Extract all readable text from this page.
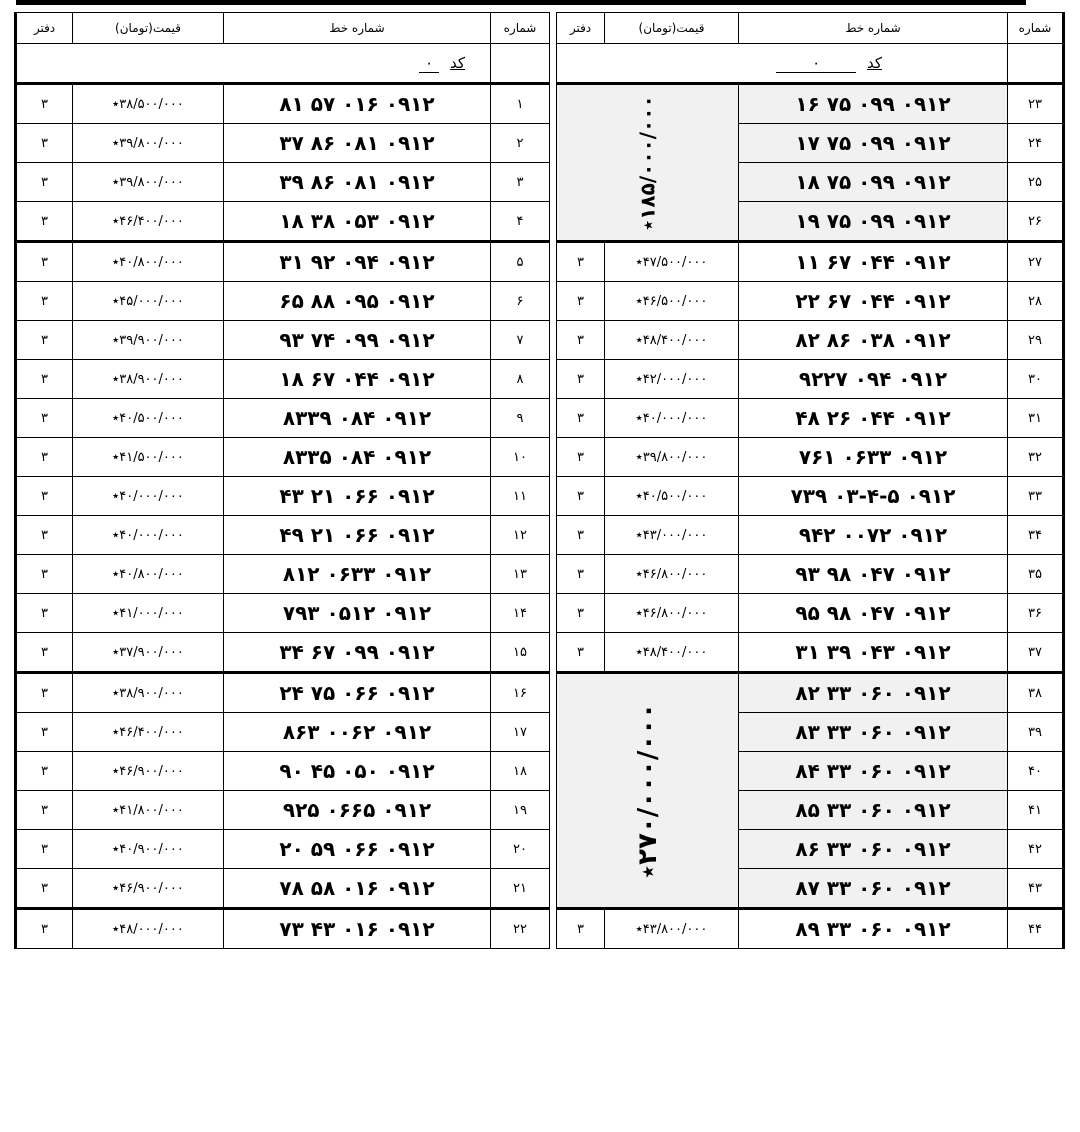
شماره	شماره خط	قیمت(تومان)	دفتر
	کد ۰		
۲۳	۰۹۱۲ ۰۹۹ ۷۵ ۱۶	۱۸۵/۰۰۰/۰۰۰٭	
۲۴	۰۹۱۲ ۰۹۹ ۷۵ ۱۷		
۲۵	۰۹۱۲ ۰۹۹ ۷۵ ۱۸		
۲۶	۰۹۱۲ ۰۹۹ ۷۵ ۱۹		
۲۷	۰۹۱۲ ۰۴۴ ۶۷ ۱۱	۴۷/۵۰۰/۰۰۰٭	۳
۲۸	۰۹۱۲ ۰۴۴ ۶۷ ۲۲	۴۶/۵۰۰/۰۰۰٭	۳
۲۹	۰۹۱۲ ۰۳۸ ۸۶ ۸۲	۴۸/۴۰۰/۰۰۰٭	۳
۳۰	۰۹۱۲ ۰۹۴ ۹۲۲۷	۴۲/۰۰۰/۰۰۰٭	۳
۳۱	۰۹۱۲ ۰۴۴ ۲۶ ۴۸	۴۰/۰۰۰/۰۰۰٭	۳
۳۲	۰۹۱۲ ۰۶۳۳ ۷۶۱	۳۹/۸۰۰/۰۰۰٭	۳
۳۳	۰۹۱۲ ۰۳-۴-۵ ۷۳۹	۴۰/۵۰۰/۰۰۰٭	۳
۳۴	۰۹۱۲ ۰۰۷۲ ۹۴۲	۴۳/۰۰۰/۰۰۰٭	۳
۳۵	۰۹۱۲ ۰۴۷ ۹۸ ۹۳	۴۶/۸۰۰/۰۰۰٭	۳
۳۶	۰۹۱۲ ۰۴۷ ۹۸ ۹۵	۴۶/۸۰۰/۰۰۰٭	۳
۳۷	۰۹۱۲ ۰۴۳ ۳۹ ۳۱	۴۸/۴۰۰/۰۰۰٭	۳
۳۸	۰۹۱۲ ۰۶۰ ۳۳ ۸۲	۲۷۰/۰۰۰/۰۰۰٭	
۳۹	۰۹۱۲ ۰۶۰ ۳۳ ۸۳		
۴۰	۰۹۱۲ ۰۶۰ ۳۳ ۸۴		
۴۱	۰۹۱۲ ۰۶۰ ۳۳ ۸۵		
۴۲	۰۹۱۲ ۰۶۰ ۳۳ ۸۶		
۴۳	۰۹۱۲ ۰۶۰ ۳۳ ۸۷		
۴۴	۰۹۱۲ ۰۶۰ ۳۳ ۸۹	۴۳/۸۰۰/۰۰۰٭	۳
شماره	شماره خط	قیمت(تومان)	دفتر
	کد ۰		
۱	۰۹۱۲ ۰۱۶ ۵۷ ۸۱	۳۸/۵۰۰/۰۰۰٭	۳
۲	۰۹۱۲ ۰۸۱ ۸۶ ۳۷	۳۹/۸۰۰/۰۰۰٭	۳
۳	۰۹۱۲ ۰۸۱ ۸۶ ۳۹	۳۹/۸۰۰/۰۰۰٭	۳
۴	۰۹۱۲ ۰۵۳ ۳۸ ۱۸	۴۶/۴۰۰/۰۰۰٭	۳
۵	۰۹۱۲ ۰۹۴ ۹۲ ۳۱	۴۰/۸۰۰/۰۰۰٭	۳
۶	۰۹۱۲ ۰۹۵ ۸۸ ۶۵	۴۵/۰۰۰/۰۰۰٭	۳
۷	۰۹۱۲ ۰۹۹ ۷۴ ۹۳	۳۹/۹۰۰/۰۰۰٭	۳
۸	۰۹۱۲ ۰۴۴ ۶۷ ۱۸	۳۸/۹۰۰/۰۰۰٭	۳
۹	۰۹۱۲ ۰۸۴ ۸۳۳۹	۴۰/۵۰۰/۰۰۰٭	۳
۱۰	۰۹۱۲ ۰۸۴ ۸۳۳۵	۴۱/۵۰۰/۰۰۰٭	۳
۱۱	۰۹۱۲ ۰۶۶ ۲۱ ۴۳	۴۰/۰۰۰/۰۰۰٭	۳
۱۲	۰۹۱۲ ۰۶۶ ۲۱ ۴۹	۴۰/۰۰۰/۰۰۰٭	۳
۱۳	۰۹۱۲ ۰۶۳۳ ۸۱۲	۴۰/۸۰۰/۰۰۰٭	۳
۱۴	۰۹۱۲ ۰۵۱۲ ۷۹۳	۴۱/۰۰۰/۰۰۰٭	۳
۱۵	۰۹۱۲ ۰۹۹ ۶۷ ۳۴	۳۷/۹۰۰/۰۰۰٭	۳
۱۶	۰۹۱۲ ۰۶۶ ۷۵ ۲۴	۳۸/۹۰۰/۰۰۰٭	۳
۱۷	۰۹۱۲ ۰۰۶۲ ۸۶۳	۴۶/۴۰۰/۰۰۰٭	۳
۱۸	۰۹۱۲ ۰۵۰ ۴۵ ۹۰	۴۶/۹۰۰/۰۰۰٭	۳
۱۹	۰۹۱۲ ۰۶۶۵ ۹۲۵	۴۱/۸۰۰/۰۰۰٭	۳
۲۰	۰۹۱۲ ۰۶۶ ۵۹ ۲۰	۴۰/۹۰۰/۰۰۰٭	۳
۲۱	۰۹۱۲ ۰۱۶ ۵۸ ۷۸	۴۶/۹۰۰/۰۰۰٭	۳
۲۲	۰۹۱۲ ۰۱۶ ۴۳ ۷۳	۴۸/۰۰۰/۰۰۰٭	۳
